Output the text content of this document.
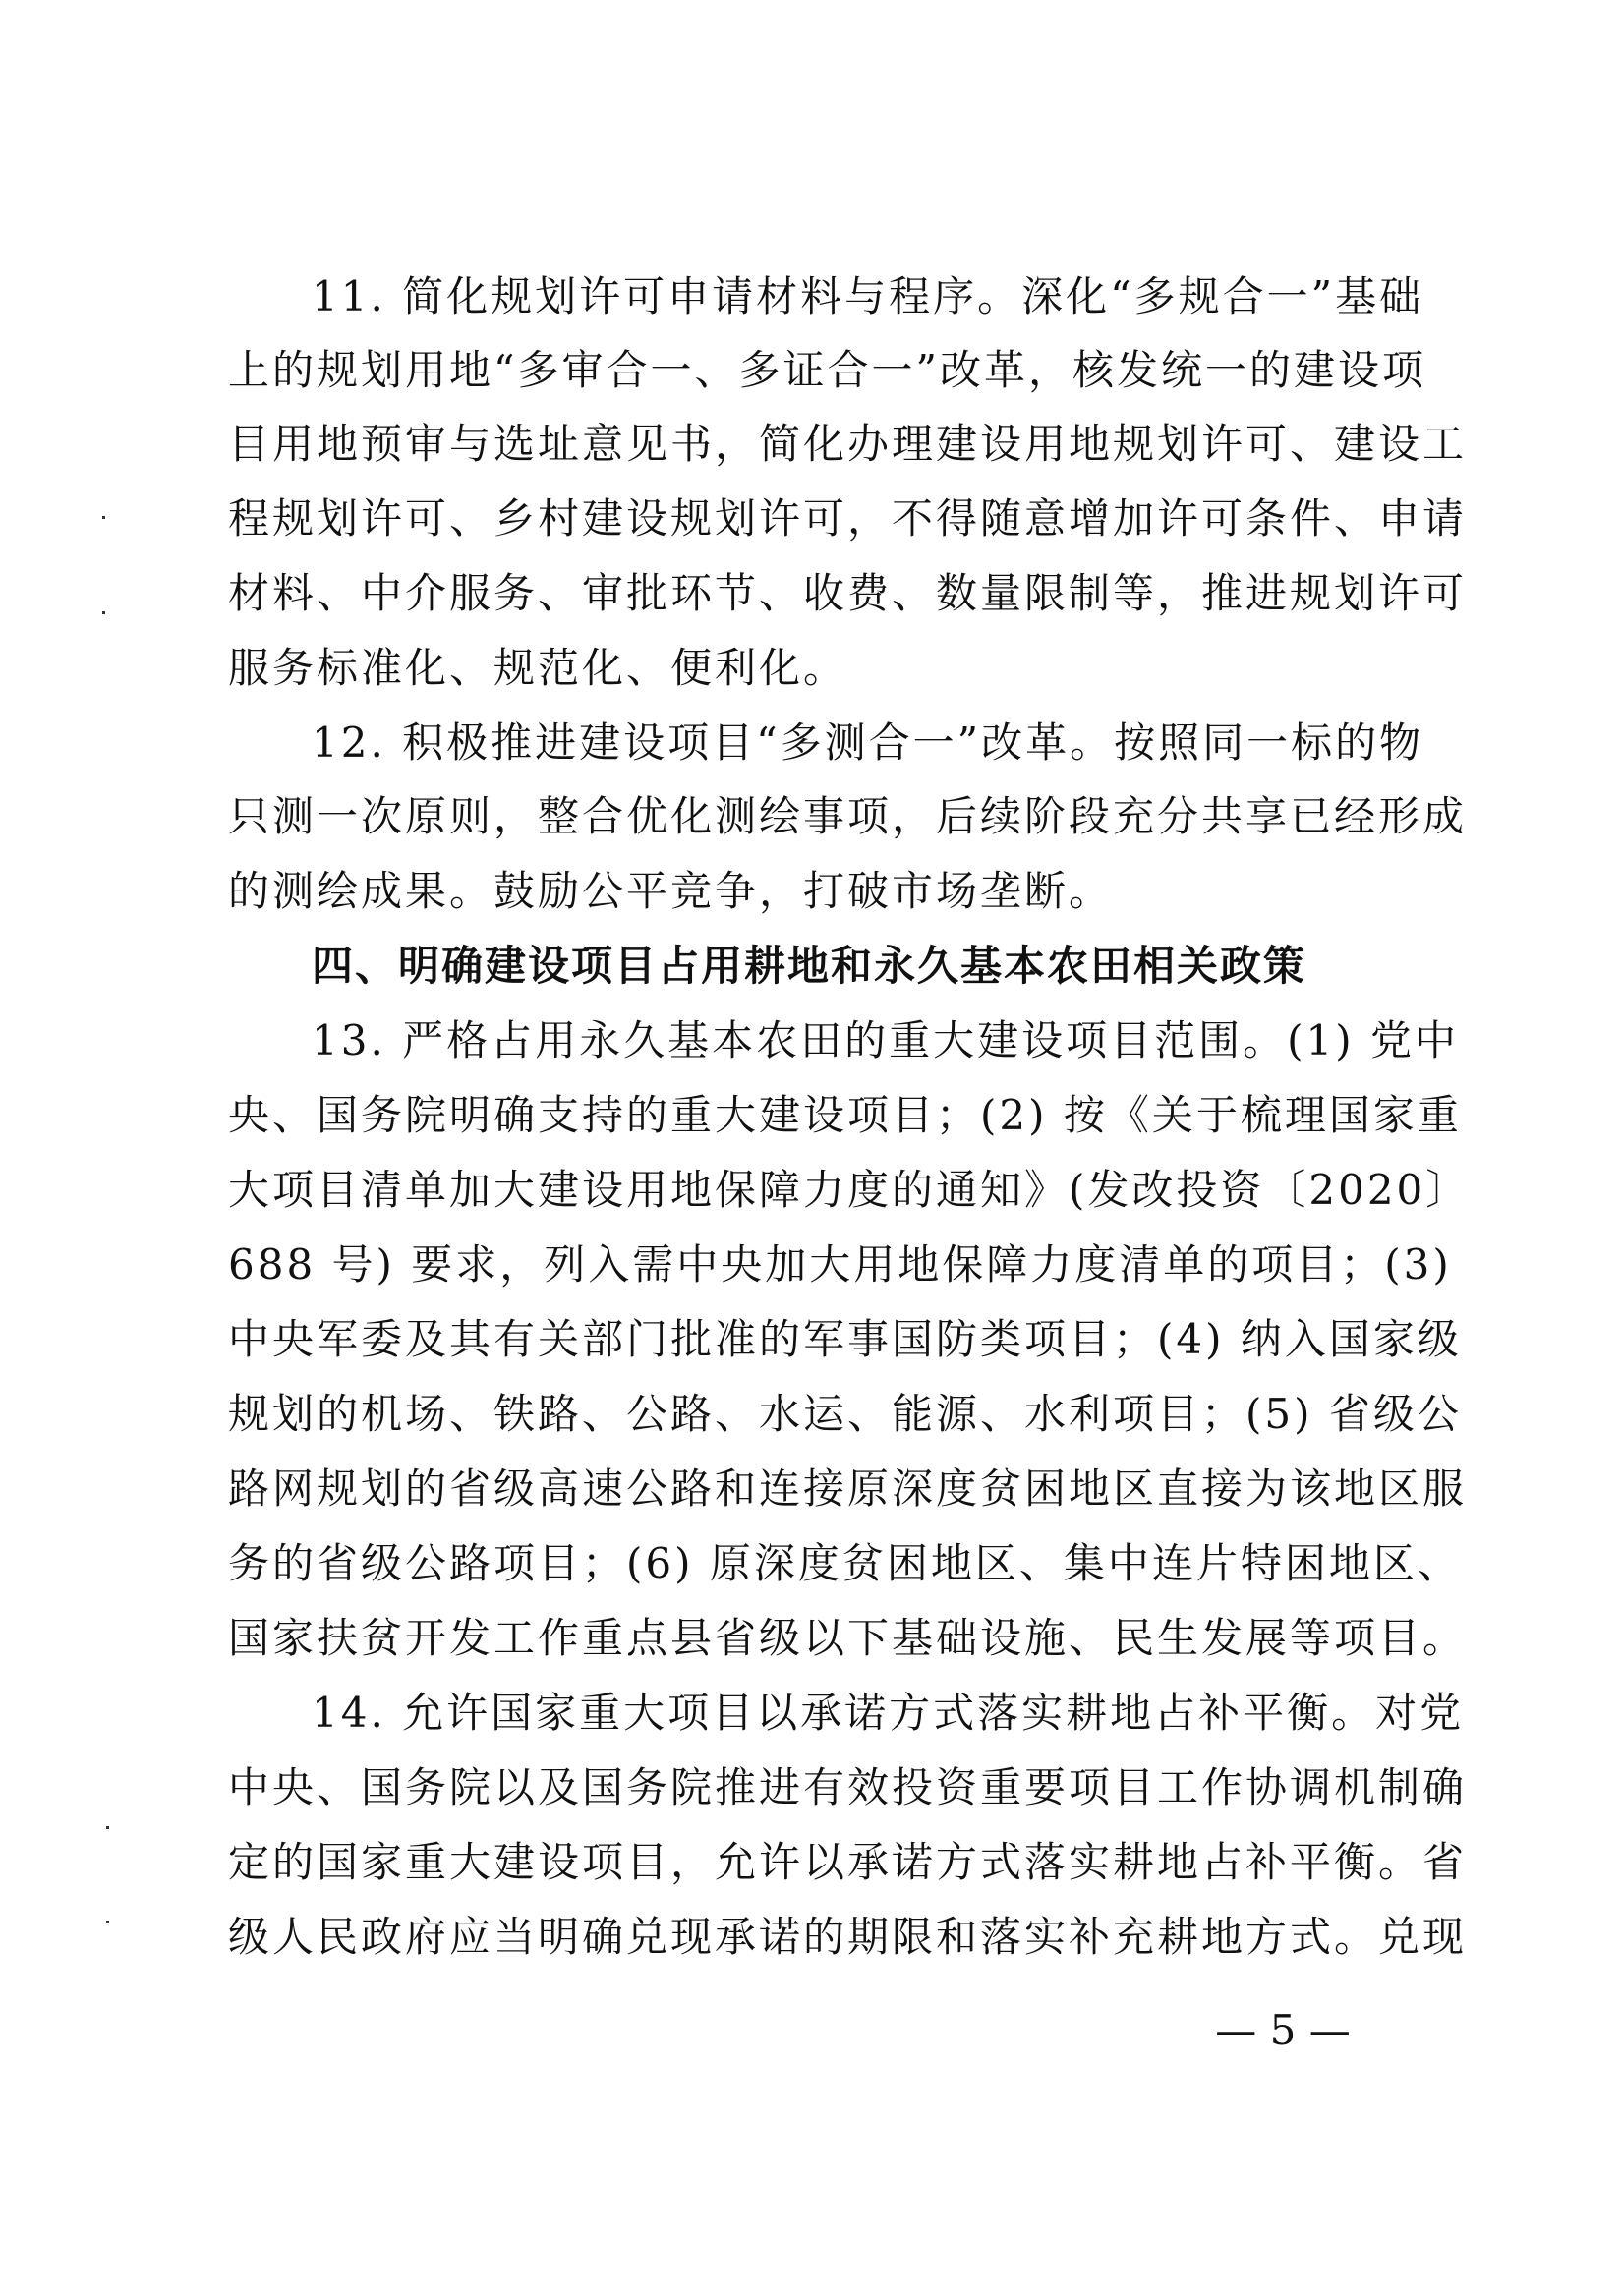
11. 简化规划许可申请材料与程序。深化“多规合一”基础
上的规划用地“多审合一、多证合一”改革，核发统一的建设项
目用地预审与选址意见书，简化办理建设用地规划许可、建设工
程规划许可、乡村建设规划许可，不得随意增加许可条件、申请
材料、中介服务、审批环节、收费、数量限制等，推进规划许可
服务标准化、规范化、便利化。
12. 积极推进建设项目“多测合一”改革。按照同一标的物
只测一次原则，整合优化测绘事项，后续阶段充分共享已经形成
的测绘成果。鼓励公平竞争，打破市场垄断。
四、明确建设项目占用耕地和永久基本农田相关政策
13. 严格占用永久基本农田的重大建设项目范围。(1) 党中
央、国务院明确支持的重大建设项目；(2) 按《关于梳理国家重
大项目清单加大建设用地保障力度的通知》(发改投资〔2020〕
688 号) 要求，列入需中央加大用地保障力度清单的项目；(3)
中央军委及其有关部门批准的军事国防类项目；(4) 纳入国家级
规划的机场、铁路、公路、水运、能源、水利项目；(5) 省级公
路网规划的省级高速公路和连接原深度贫困地区直接为该地区服
务的省级公路项目；(6) 原深度贫困地区、集中连片特困地区、
国家扶贫开发工作重点县省级以下基础设施、民生发展等项目。
14. 允许国家重大项目以承诺方式落实耕地占补平衡。对党
中央、国务院以及国务院推进有效投资重要项目工作协调机制确
定的国家重大建设项目，允许以承诺方式落实耕地占补平衡。省
级人民政府应当明确兑现承诺的期限和落实补充耕地方式。兑现
— 5 —
